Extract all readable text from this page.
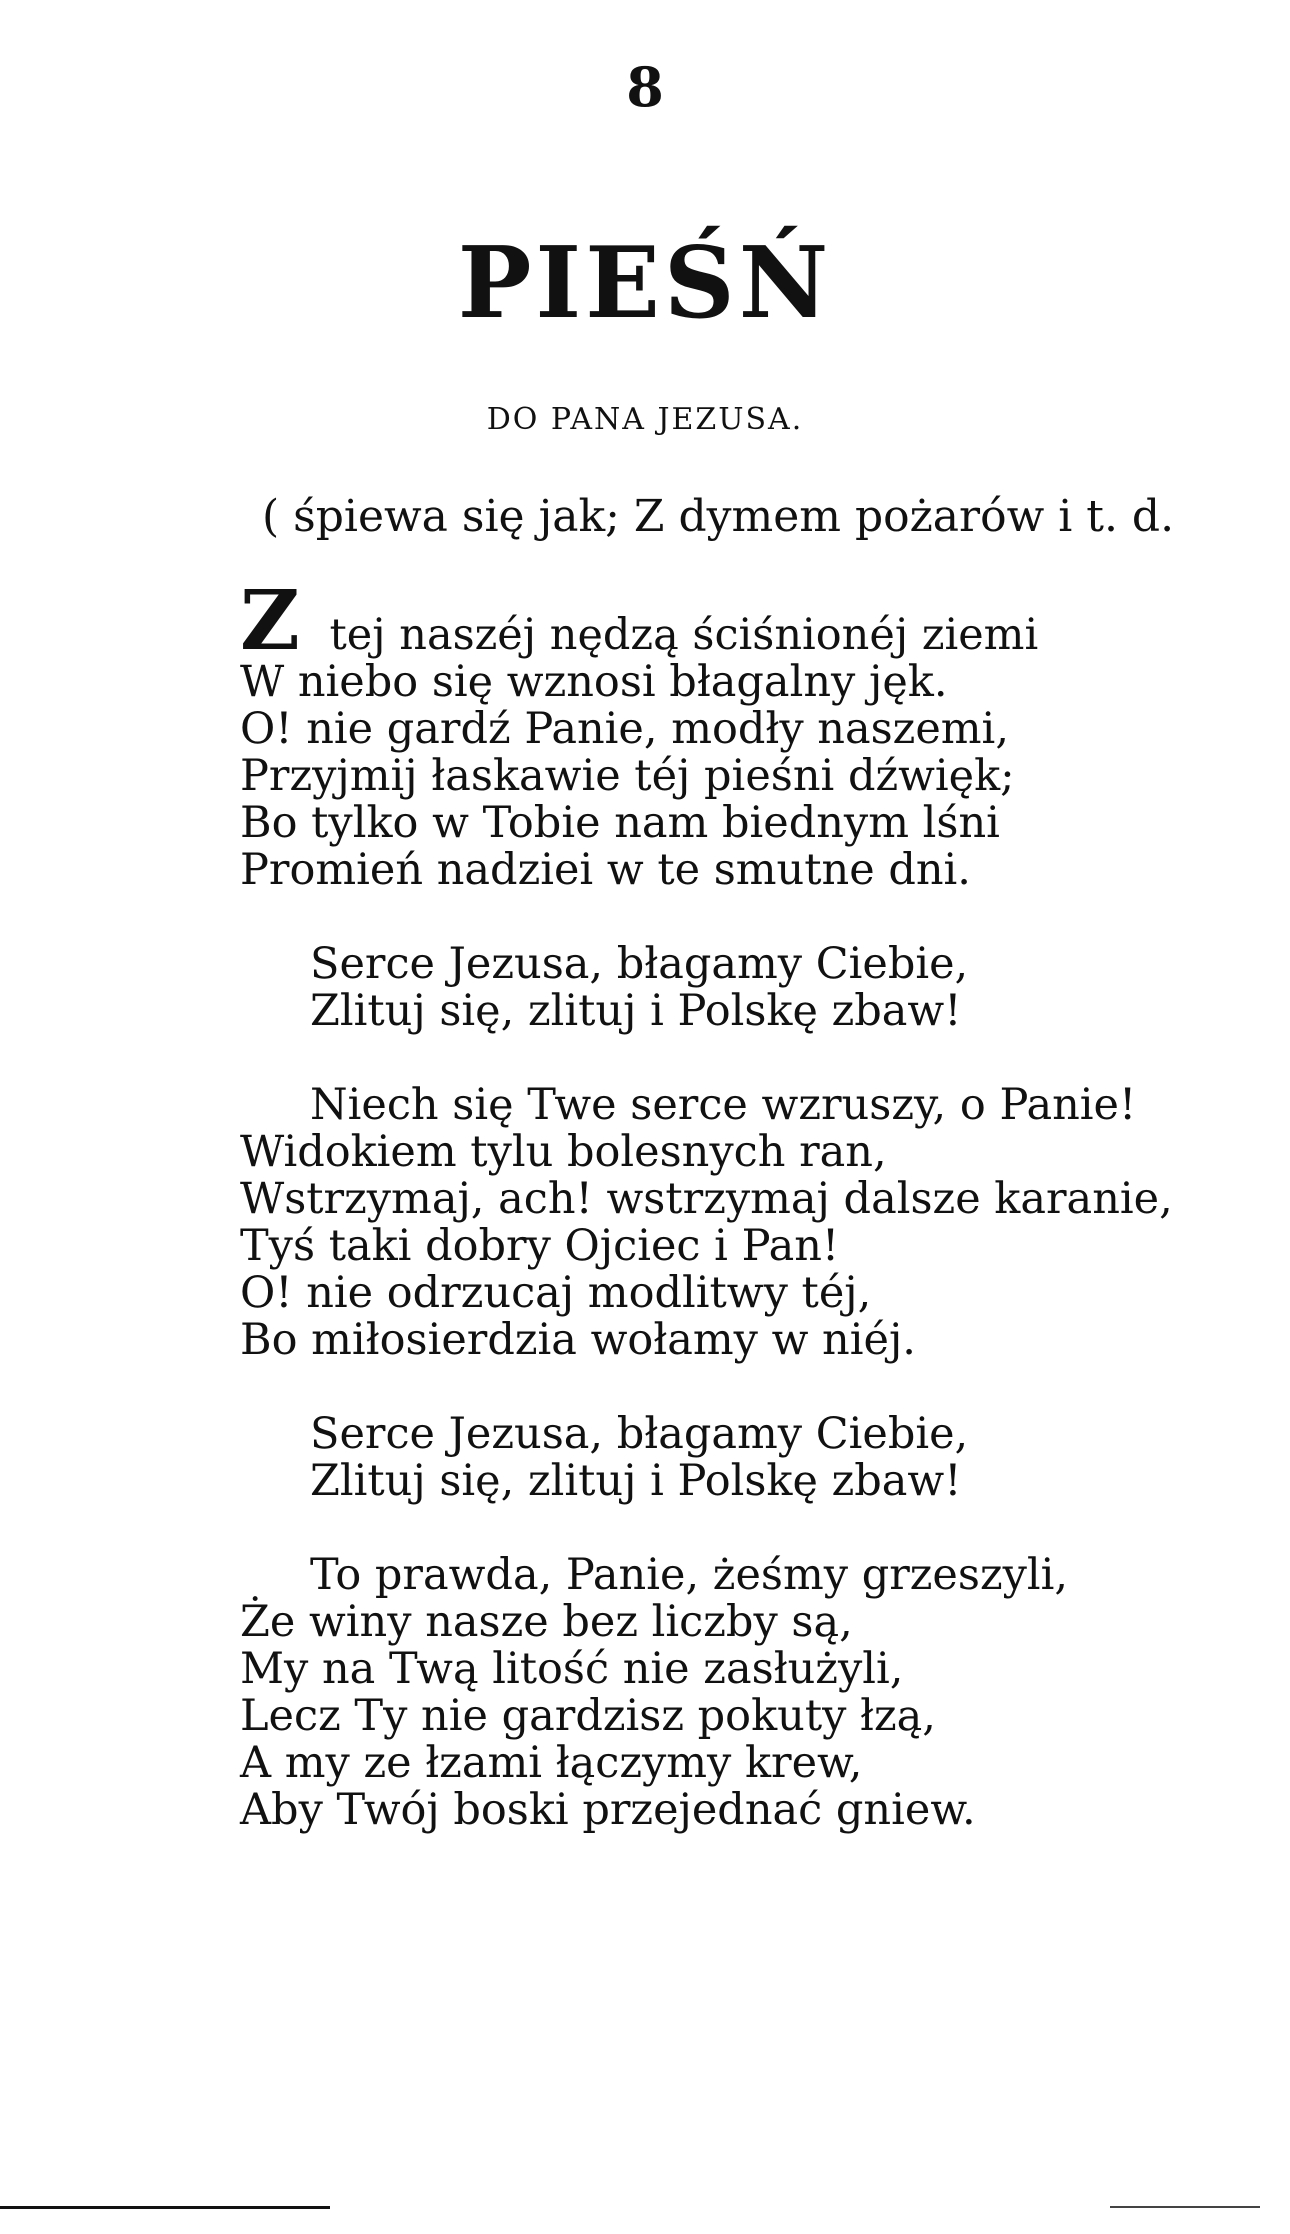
8
PIEŚŃ
DO PANA JEZUSA.
( śpiewa się jak; Z dymem pożarów i t. d.
Z tej naszéj nędzą ściśnionéj ziemi
W niebo się wznosi błagalny jęk.
O! nie gardź Panie, modły naszemi,
Przyjmij łaskawie téj pieśni dźwięk;
Bo tylko w Tobie nam biednym lśni
Promień nadziei w te smutne dni.
Serce Jezusa, błagamy Ciebie,
Zlituj się, zlituj i Polskę zbaw!
Niech się Twe serce wzruszy, o Panie!
Widokiem tylu bolesnych ran,
Wstrzymaj, ach! wstrzymaj dalsze karanie,
Tyś taki dobry Ojciec i Pan!
O! nie odrzucaj modlitwy téj,
Bo miłosierdzia wołamy w niéj.
Serce Jezusa, błagamy Ciebie,
Zlituj się, zlituj i Polskę zbaw!
To prawda, Panie, żeśmy grzeszyli,
Że winy nasze bez liczby są,
My na Twą litość nie zasłużyli,
Lecz Ty nie gardzisz pokuty łzą,
A my ze łzami łączymy krew,
Aby Twój boski przejednać gniew.
